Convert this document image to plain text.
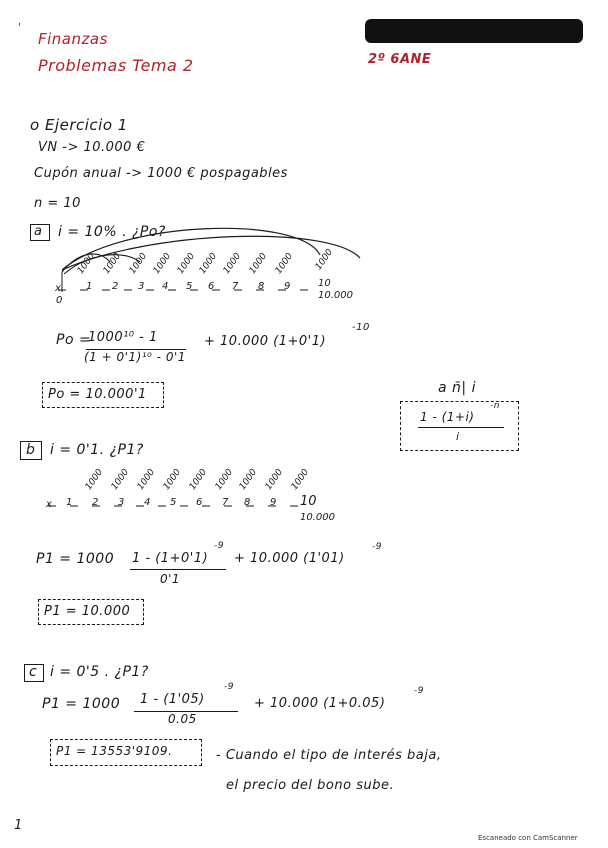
Finanzas
Problemas Tema 2	2º 6ANE
'
o Ejercicio 1
VN -> 10.000 €
Cupón anual -> 1000 € pospagables
n = 10
a i = 10% . ¿Po?
x	1 2 3 4 5 6 7 8 9	10
10.000
0
1000 1000 1000 1000 1000 1000 1000 1000 1000 1000
Po =
1000¹⁰ - 1
(1 + 0'1)¹⁰ - 0'1
+ 10.000 (1+0'1)
-10
Po = 10.000'1	a n̄| i
1 - (1+i)
-n
i
b i = 0'1. ¿P1?
x 1 2 3 4 5 6 7 8 9 10
10.000
1000 1000 1000 1000 1000 1000 1000 1000 1000
P1 = 1000 1 - (1+0'1)
-9
0'1
+ 10.000 (1'01)
-9
P1 = 10.000
c i = 0'5 . ¿P1?
P1 = 1000 1 - (1'05)
-9
0.05
+ 10.000 (1+0.05)
-9
P1 = 13553'9109.	- Cuando el tipo de interés baja,
el precio del bono sube.
1
Escaneado con CamScanner
